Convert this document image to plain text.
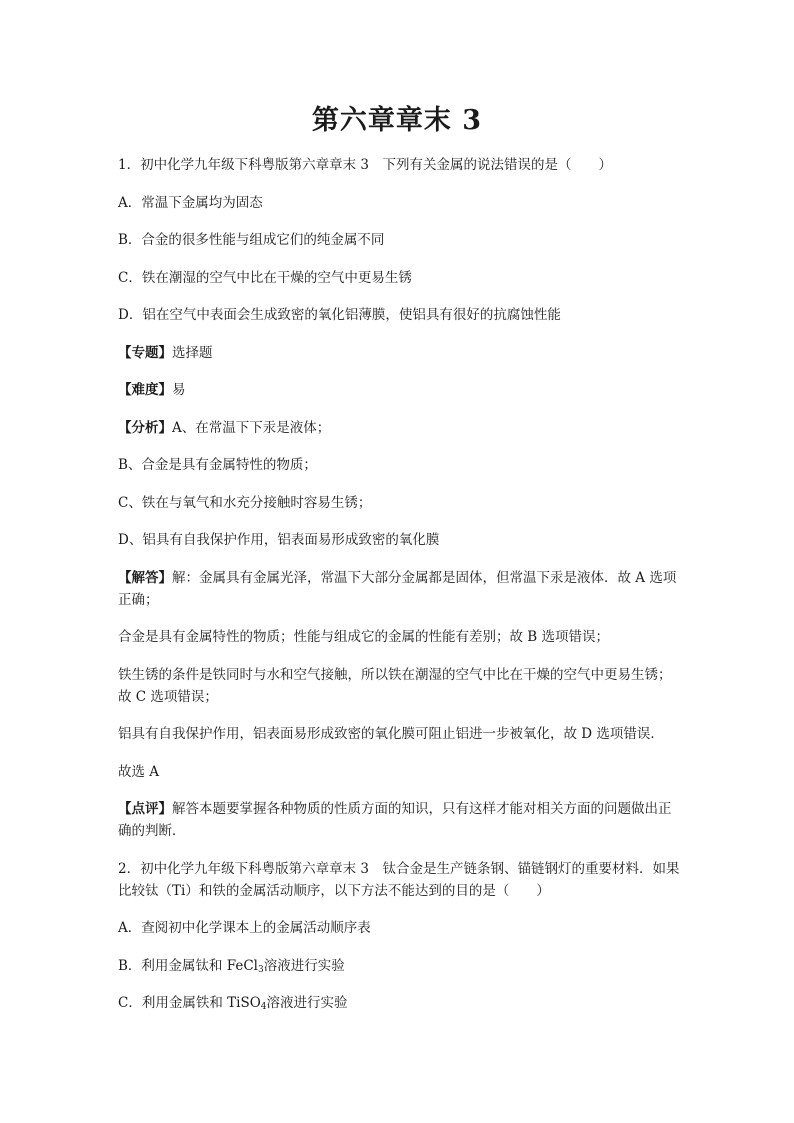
第六章章末 3
1．初中化学九年级下科粤版第六章章末 3　下列有关金属的说法错误的是（　　）
A．常温下金属均为固态
B．合金的很多性能与组成它们的纯金属不同
C．铁在潮湿的空气中比在干燥的空气中更易生锈
D．铝在空气中表面会生成致密的氧化铝薄膜，使铝具有很好的抗腐蚀性能
【专题】选择题
【难度】易
【分析】A、在常温下下汞是液体；
B、合金是具有金属特性的物质；
C、铁在与氧气和水充分接触时容易生锈；
D、铝具有自我保护作用，铝表面易形成致密的氧化膜
【解答】解：金属具有金属光泽，常温下大部分金属都是固体，但常温下汞是液体．故 A 选项正确；
合金是具有金属特性的物质；性能与组成它的金属的性能有差别；故 B 选项错误；
铁生锈的条件是铁同时与水和空气接触，所以铁在潮湿的空气中比在干燥的空气中更易生锈；故 C 选项错误；
铝具有自我保护作用，铝表面易形成致密的氧化膜可阻止铝进一步被氧化，故 D 选项错误．
故选 A
【点评】解答本题要掌握各种物质的性质方面的知识，只有这样才能对相关方面的问题做出正确的判断．
2．初中化学九年级下科粤版第六章章末 3　钛合金是生产链条钢、锚链钢灯的重要材料．如果比较钛（Ti）和铁的金属活动顺序，以下方法不能达到的目的是（　　）
A．查阅初中化学课本上的金属活动顺序表
B．利用金属钛和 FeCl$_3$溶液进行实验
C．利用金属铁和 TiSO$_4$溶液进行实验
